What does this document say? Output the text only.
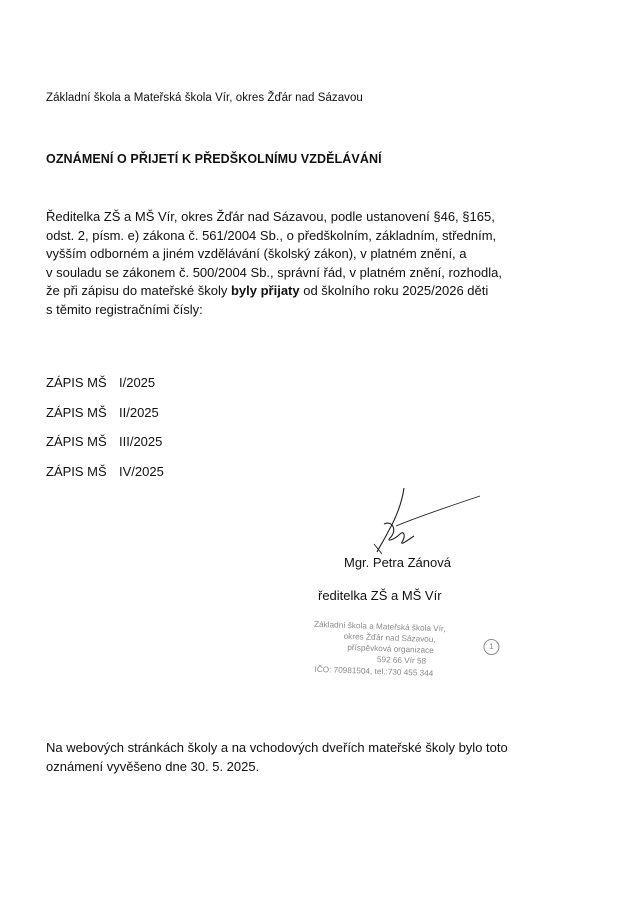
Základní škola a Mateřská škola Vír, okres Žďár nad Sázavou
OZNÁMENÍ O PŘIJETÍ K PŘEDŠKOLNÍMU VZDĚLÁVÁNÍ

Ředitelka ZŠ a MŠ Vír, okres Žďár nad Sázavou, podle ustanovení §46, §165,

odst. 2, písm. e) zákona č. 561/2004 Sb., o předškolním, základním, středním,

vyšším odborném a jiném vzdělávání (školský zákon), v platném znění, a

v souladu se zákonem č. 500/2004 Sb., správní řád, v platném znění, rozhodla,

že při zápisu do mateřské školy byly přijaty od školního roku 2025/2026 děti

s těmito registračními čísly:

ZÁPIS MŠ I/2025
ZÁPIS MŠ II/2025
ZÁPIS MŠ III/2025
ZÁPIS MŠ IV/2025
Mgr. Petra Zánová
ředitelka ZŠ a MŠ Vír
Základní škola a Mateřská škola Vír,
okres Žďár nad Sázavou,
příspěvková organizace
592 66 Vír 58
IČO: 70981504, tel.:730 455 344
1

Na webových stránkách školy a na vchodových dveřích mateřské školy bylo toto

oznámení vyvěšeno dne 30. 5. 2025.
